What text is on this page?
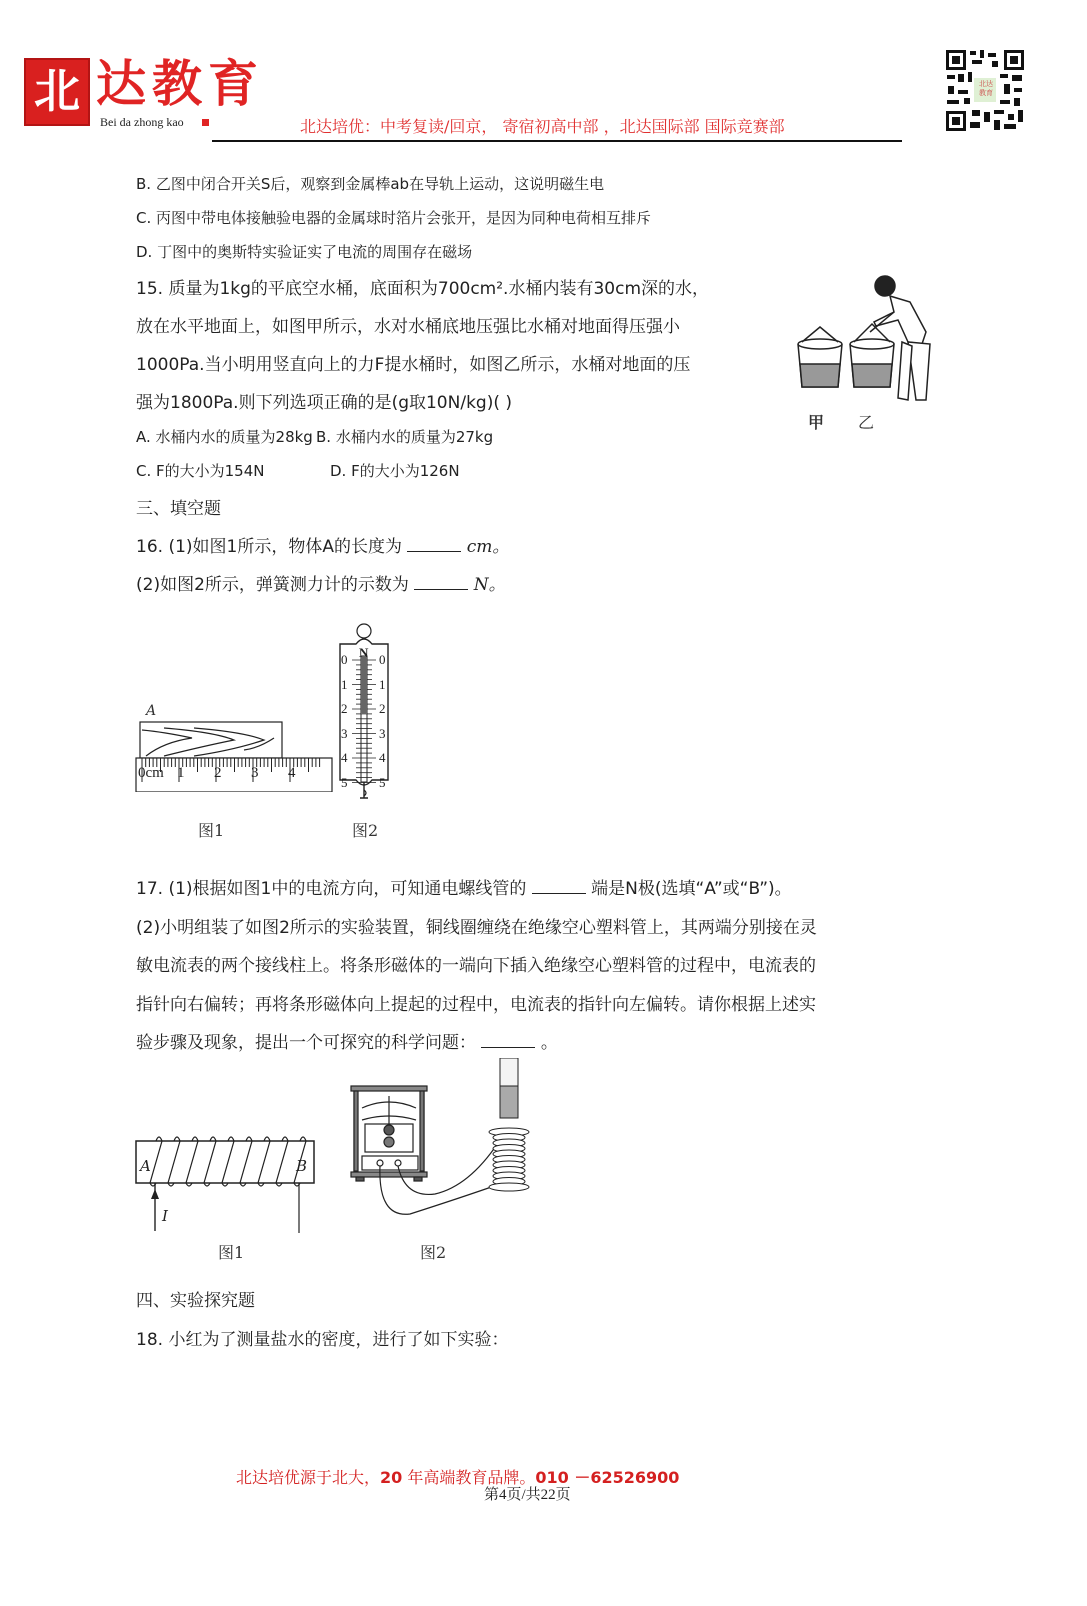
北 达教育
Bei da zhong kao	北达培优：中考复读/回京， 寄宿初高中部 ，北达国际部 国际竞赛部
北达教育
B. 乙图中闭合开关S后，观察到金属棒ab在导轨上运动，这说明磁生电
C. 丙图中带电体接触验电器的金属球时箔片会张开，是因为同种电荷相互排斥
D. 丁图中的奥斯特实验证实了电流的周围存在磁场
15. 质量为1kg的平底空水桶，底面积为700cm².水桶内装有30cm深的水，
放在水平地面上，如图甲所示，水对水桶底地压强比水桶对地面得压强小
1000Pa.当小明用竖直向上的力F提水桶时，如图乙所示，水桶对地面的压
强为1800Pa.则下列选项正确的是(g取10N/kg)( )
A. 水桶内水的质量为28kg B. 水桶内水的质量为27kg
C. F的大小为154N	D. F的大小为126N
甲 乙
三、填空题
16. (1)如图1所示，物体A的长度为	cm。
(2)如图2所示，弹簧测力计的示数为	N。
A
0cm 1 2 3 4
N
0 0
1 1
2 2
3 3
4 4
5 5
图1	图2
17. (1)根据如图1中的电流方向，可知通电螺线管的	端是N极(选填“A”或“B”)。
(2)小明组装了如图2所示的实验装置，铜线圈缠绕在绝缘空心塑料管上，其两端分别接在灵
敏电流表的两个接线柱上。将条形磁体的一端向下插入绝缘空心塑料管的过程中，电流表的
指针向右偏转；再将条形磁体向上提起的过程中，电流表的指针向左偏转。请你根据上述实
验步骤及现象，提出一个可探究的科学问题：	。
A	B
I
图1	图2
四、实验探究题
18. 小红为了测量盐水的密度，进行了如下实验：
北达培优源于北大，20 年高端教育品牌。010 －62526900
第4页/共22页
